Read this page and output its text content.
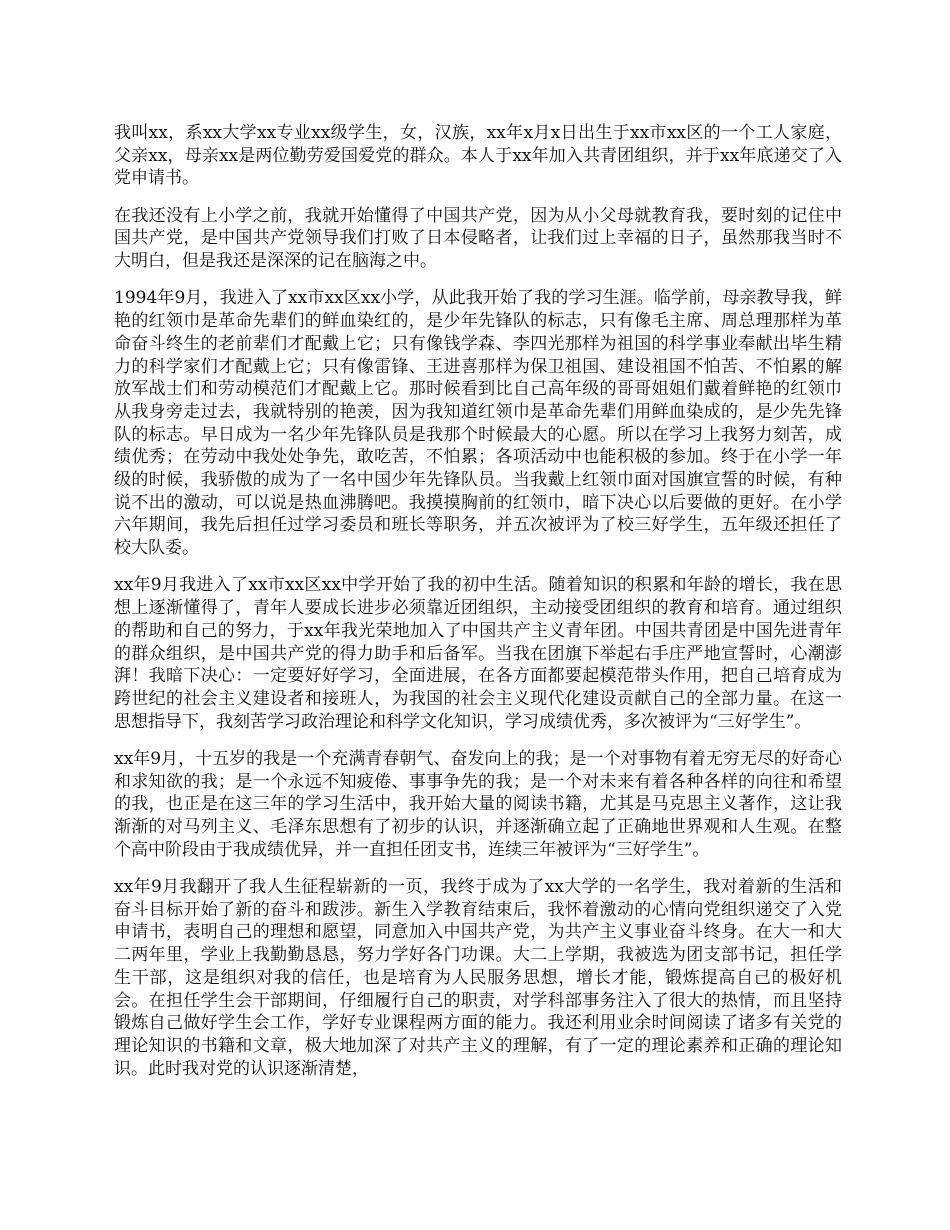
我叫xx，系xx大学xx专业xx级学生，女，汉族，xx年x月x日出生于xx市xx区的一个工人家庭，父亲xx，母亲xx是两位勤劳爱国爱党的群众。本人于xx年加入共青团组织，并于xx年底递交了入党申请书。

在我还没有上小学之前，我就开始懂得了中国共产党，因为从小父母就教育我，要时刻的记住中国共产党，是中国共产党领导我们打败了日本侵略者，让我们过上幸福的日子，虽然那我当时不大明白，但是我还是深深的记在脑海之中。

1994年9月，我进入了xx市xx区xx小学，从此我开始了我的学习生涯。临学前，母亲教导我，鲜艳的红领巾是革命先辈们的鲜血染红的，是少年先锋队的标志，只有像毛主席、周总理那样为革命奋斗终生的老前辈们才配戴上它；只有像钱学森、李四光那样为祖国的科学事业奉献出毕生精力的科学家们才配戴上它；只有像雷锋、王进喜那样为保卫祖国、建设祖国不怕苦、不怕累的解放军战士们和劳动模范们才配戴上它。那时候看到比自己高年级的哥哥姐姐们戴着鲜艳的红领巾从我身旁走过去，我就特别的艳羡，因为我知道红领巾是革命先辈们用鲜血染成的，是少先先锋队的标志。早日成为一名少年先锋队员是我那个时候最大的心愿。所以在学习上我努力刻苦，成绩优秀；在劳动中我处处争先，敢吃苦，不怕累；各项活动中也能积极的参加。终于在小学一年级的时候，我骄傲的成为了一名中国少年先锋队员。当我戴上红领巾面对国旗宣誓的时候，有种说不出的激动，可以说是热血沸腾吧。我摸摸胸前的红领巾，暗下决心以后要做的更好。在小学六年期间，我先后担任过学习委员和班长等职务，并五次被评为了校三好学生，五年级还担任了校大队委。

xx年9月我进入了xx市xx区xx中学开始了我的初中生活。随着知识的积累和年龄的增长，我在思想上逐渐懂得了，青年人要成长进步必须靠近团组织，主动接受团组织的教育和培育。通过组织的帮助和自己的努力，于xx年我光荣地加入了中国共产主义青年团。中国共青团是中国先进青年的群众组织，是中国共产党的得力助手和后备军。当我在团旗下举起右手庄严地宣誓时，心潮澎湃！我暗下决心：一定要好好学习，全面进展，在各方面都要起模范带头作用，把自己培育成为跨世纪的社会主义建设者和接班人，为我国的社会主义现代化建设贡献自己的全部力量。在这一思想指导下，我刻苦学习政治理论和科学文化知识，学习成绩优秀，多次被评为“三好学生”。

xx年9月，十五岁的我是一个充满青春朝气、奋发向上的我；是一个对事物有着无穷无尽的好奇心和求知欲的我；是一个永远不知疲倦、事事争先的我；是一个对未来有着各种各样的向往和希望的我，也正是在这三年的学习生活中，我开始大量的阅读书籍，尤其是马克思主义著作，这让我渐渐的对马列主义、毛泽东思想有了初步的认识，并逐渐确立起了正确地世界观和人生观。在整个高中阶段由于我成绩优异，并一直担任团支书，连续三年被评为“三好学生”。

xx年9月我翻开了我人生征程崭新的一页，我终于成为了xx大学的一名学生，我对着新的生活和奋斗目标开始了新的奋斗和跋涉。新生入学教育结束后，我怀着激动的心情向党组织递交了入党申请书，表明自己的理想和愿望，同意加入中国共产党，为共产主义事业奋斗终身。在大一和大二两年里，学业上我勤勤恳恳，努力学好各门功课。大二上学期，我被选为团支部书记，担任学生干部，这是组织对我的信任，也是培育为人民服务思想，增长才能，锻炼提高自己的极好机会。在担任学生会干部期间，仔细履行自己的职责，对学科部事务注入了很大的热情，而且坚持锻炼自己做好学生会工作，学好专业课程两方面的能力。我还利用业余时间阅读了诸多有关党的理论知识的书籍和文章，极大地加深了对共产主义的理解，有了一定的理论素养和正确的理论知识。此时我对党的认识逐渐清楚，
